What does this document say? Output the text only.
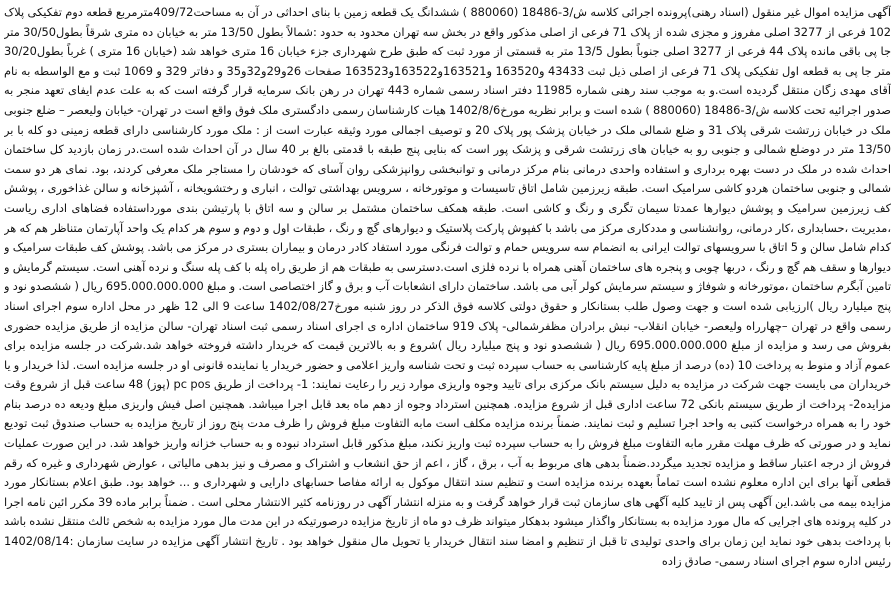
آگهی مزایده اموال غیر منقول (اسناد رهنی)پرونده اجرائی کلاسه ش/3-18486 (880060 ) ششدانگ یک قطعه زمین با بنای احداثی در آن به مساحت409/72مترمربع قطعه دوم تفکیکی پلاک 102 فرعی از 3277 اصلی مفروز و مجزی شده از پلاک 71 فرعی از اصلی مذکور واقع در بخش سه تهران محدود به حدود :شمالاً بطول 13/50 متر به خیابان ده متری شرقاً بطول30/50 متر جا پی باقی مانده پلاک 44 فرعی از 3277 اصلی جنوباً بطول 13/5 متر به قسمتی از مورد ثبت که طبق طرح شهرداری جزء خیابان 16 متری خواهد شد (خیابان 16 متری ) غرباً بطول30/20 متر جا پی به قطعه اول تفکیکی پلاک 71 فرعی از اصلی ذیل ثبت 43433 و163520 و163521و163522و163523 صفحات 26و29و32و35 و دفاتر 329 و 1069 ثبت و مع الواسطه به نام آقای مهدی زگان منتقل گردیده است.و به موجب سند رهنی شماره 11985 دفتر اسناد رسمی شماره 443 تهران در رهن بانک سرمایه قرار گرفته است که به علت عدم ایفای تعهد منجر به صدور اجرائیه تحت کلاسه ش/3-18486 (880060 ) شده است و برابر نظریه مورخ1402/8/6 هیات کارشناسان رسمی دادگستری ملک فوق واقع است در تهران- خیابان ولیعصر – ضلع جنوبی ملک در خیابان زرتشت شرقی پلاک 31 و ضلع شمالی ملک در خیابان پزشک پور پلاک 20 و توصیف اجمالی مورد وثیقه عبارت است از : ملک مورد کارشناسی دارای قطعه زمینی دو کله با بر 13/50 متر در دوضلع شمالی و جنوبی رو به خیابان های زرتشت شرقی و پزشک پور است که بنایی پنج طبقه با قدمتی بالغ بر 40 سال در آن احداث شده است.در زمان بازدید کل ساختمان احداث شده در ملک در دست بهره برداری و استفاده واحدی درمانی بنام مرکز درمانی و توانبخشی روانپزشکی روان آسای که خودشان را مستاجر ملک معرفی کردند، بود. نمای هر دو سمت شمالی و جنوبی ساختمان هردو کاشی سرامیک است. طبقه زیرزمین شامل اتاق تاسیسات و موتورخانه ، سرویس بهداشتی توالت ، انباری و رختشویخانه ، آشپزخانه و سالن غذاخوری ، پوشش کف زیرزمین سرامیک و پوشش دیوارها عمدتا سیمان تگری و رنگ و کاشی است. طبقه همکف ساختمان مشتمل بر سالن و سه اتاق با پارتیشن بندی مورداستفاده فضاهای اداری ریاست ،مدیریت ،حسابداری ،کار درمانی، روانشناسی و مددکاری مرکز می باشد با کفپوش پارکت پلاستیک و دیوارهای گچ و رنگ ، طبقات اول و دوم و سوم هر کدام یک واحد آپارتمان متناظر هم که هر کدام شامل سالن و 5 اتاق با سرویسهای توالت ایرانی به انضمام سه سرویس حمام و توالت فرنگی مورد استفاد کادر درمان و بیماران بستری در مرکز می باشد. پوشش کف طبقات سرامیک و دیوارها و سقف هم گچ و رنگ ، دربها چوبی و پنجره های ساختمان آهنی همراه با نرده فلزی است.دسترسی به طبقات هم از طریق راه پله با کف پله سنگ و نرده آهنی است. سیستم گرمایش و تامین آبگرم ساختمان ،موتورخانه و شوفاژ و سیستم سرمایش کولر آبی می باشد. ساختمان دارای انشعابات آب و برق و گاز اختصاصی است. و مبلغ 695.000.000.000 ریال ( ششصدو نود و پنج میلیارد ریال )ارزیابی شده است و جهت وصول طلب بستانکار و حقوق دولتی کلاسه فوق الذکر در روز شنبه مورخ1402/08/27 ساعت 9 الی 12 ظهر در محل اداره سوم اجرای اسناد رسمی واقع در تهران –چهارراه ولیعصر- خیابان انقلاب- نبش برادران مظفرشمالی- پلاک 919 ساختمان اداره ی اجرای اسناد رسمی ثبت اسناد تهران- سالن مزایده از طریق مزایده حضوری بفروش می رسد و مزایده از مبلغ 695.000.000.000 ریال ( ششصدو نود و پنج میلیارد ریال )شروع و به بالاترین قیمت که خریدار داشته فروخته خواهد شد.شرکت در جلسه مزایده برای عموم آزاد و منوط به پرداخت 10 (ده) درصد از مبلغ پایه کارشناسی به حساب سپرده ثبت و تحت شناسه واریز اعلامی و حضور خریدار یا نماینده قانونی او در جلسه مزایده است. لذا خریدار و یا خریداران می بایست جهت شرکت در مزایده به دلیل سیستم بانک مرکزی برای تایید وجوه واریزی موارد زیر را رعایت نمایند: 1- پرداخت از طریق pc pos (پوز) 48 ساعت قبل از شروع وقت مزایده2- پرداخت از طریق سیستم بانکی 72 ساعت اداری قبل از شروع مزایده. همچنین استرداد وجوه از دهم ماه بعد قابل اجرا میباشد. همچنین اصل فیش واریزی مبلغ ودیعه ده درصد بنام خود را به همراه درخواست کتبی به واحد اجرا تسلیم و ثبت نمایند. ضمناً برنده مزایده مکلف است مابه التفاوت مبلغ فروش را ظرف مدت پنج روز از تاریخ مزایده به حساب صندوق ثبت تودیع نماید و در صورتی که ظرف مهلت مقرر مابه التفاوت مبلغ فروش را به حساب سپرده ثبت واریز نکند، مبلغ مذکور قابل استرداد نبوده و به حساب خزانه واریز خواهد شد. در این صورت عملیات فروش از درجه اعتبار ساقط و مزایده تجدید میگردد.ضمناً بدهی های مربوط به آب ، برق ، گاز ، اعم از حق انشعاب و اشتراک و مصرف و نیز بدهی مالیاتی ، عوارض شهرداری و غیره که رقم قطعی آنها برای این اداره معلوم نشده است تماماً بعهده برنده مزایده است و تنظیم سند انتقال موکول به ارائه مفاصا حسابهای دارایی و شهرداری و ... خواهد بود. طبق اعلام بستانکار مورد مزایده بیمه می باشد.این آگهی پس از تایید کلیه آگهی های سازمان ثبت قرار خواهد گرفت و به منزله انتشار آگهی در روزنامه کثیر الانتشار محلی است . ضمناً برابر ماده 39 مکرر ائین نامه اجرا در کلیه پرونده های اجرایی که مال مورد مزایده به بستانکار واگذار میشود بدهکار میتواند ظرف دو ماه از تاریخ مزایده درصورتیکه در این مدت مال مورد مزایده به شخص ثالث منتقل نشده باشد با پرداخت بدهی خود نماید این زمان برای واحدی تولیدی تا قبل از تنظیم و امضا سند انتقال خریدار یا تحویل مال منقول خواهد بود . تاریخ انتشار آگهی مزایده در سایت سازمان :1402/08/14 رئیس اداره سوم اجرای اسناد رسمی- صادق زاده
